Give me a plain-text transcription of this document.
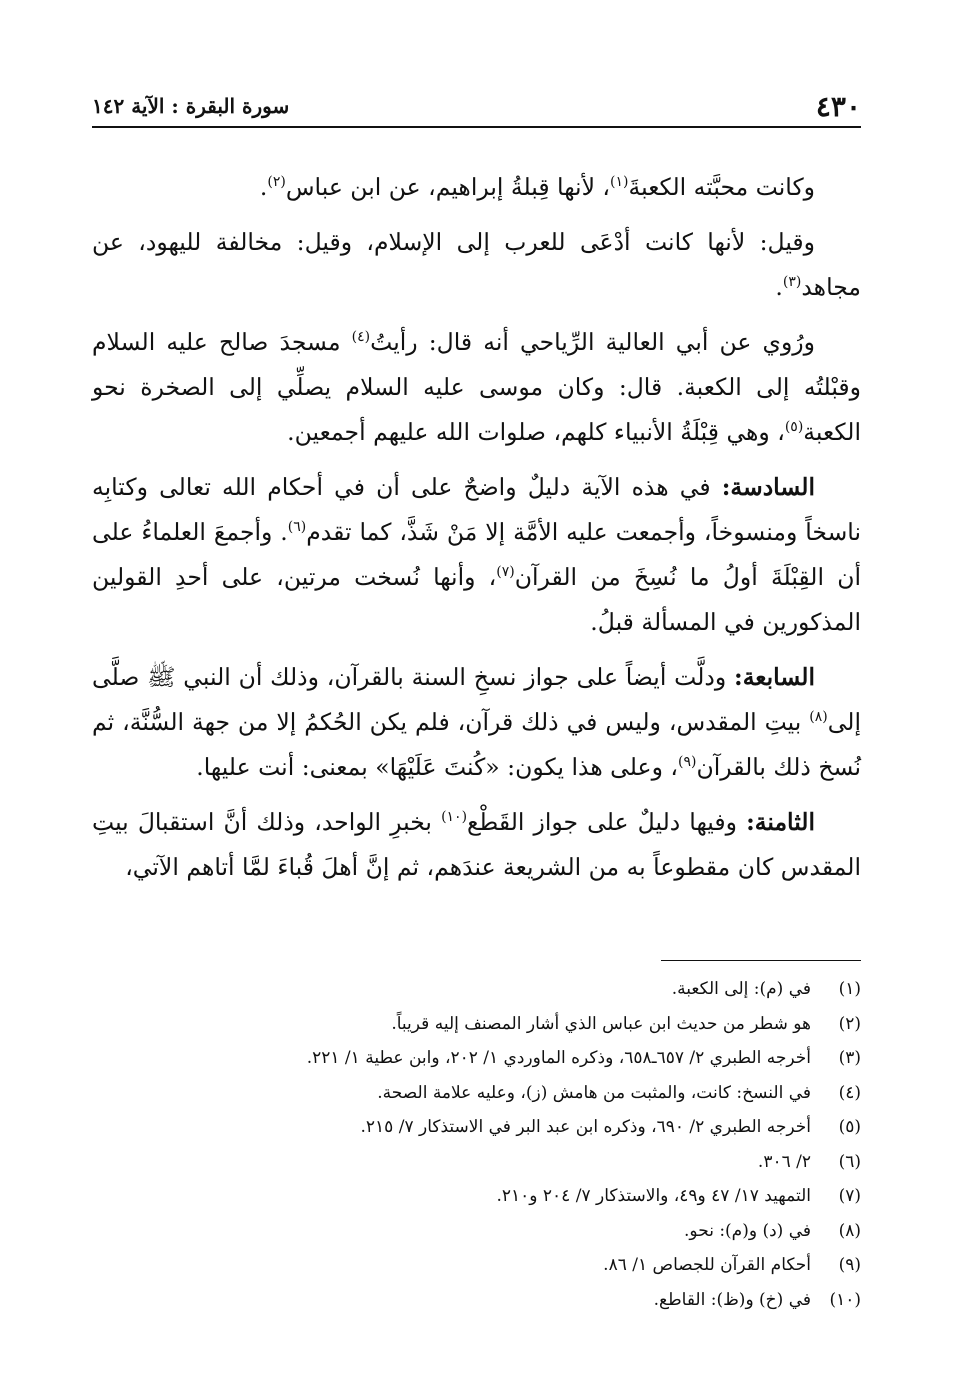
٤٣٠
سورة البقرة : الآية ١٤٢

وكانت محبَّته الكعبةَ$^{(١)}$، لأنها قِبلةُ إبراهيم، عن ابن عباس$^{(٢)}$.

وقيل: لأنها كانت أدْعَى للعرب إلى الإسلام، وقيل: مخالفة لليهود، عن مجاهد$^{(٣)}$.

ورُوي عن أبي العالية الرِّياحي أنه قال: رأيتُ$^{(٤)}$ مسجدَ صالح عليه السلام وقبْلتُه إلى الكعبة. قال: وكان موسى عليه السلام يصلِّي إلى الصخرة نحو الكعبة$^{(٥)}$، وهي قِبْلَةُ الأنبياء كلهم، صلوات الله عليهم أجمعين.

السادسة: في هذه الآية دليلٌ واضحٌ على أن في أحكام الله تعالى وكتابِه ناسخاً ومنسوخاً، وأجمعت عليه الأمَّة إلا مَنْ شَذَّ، كما تقدم$^{(٦)}$. وأجمعَ العلماءُ على أن القِبْلَةَ أولُ ما نُسِخَ من القرآن$^{(٧)}$، وأنها نُسخت مرتين، على أحدِ القولين المذكورين في المسألة قبلُ.

السابعة: ودلَّت أيضاً على جواز نسخِ السنة بالقرآن، وذلك أن النبي ﷺ صلَّى إلى$^{(٨)}$ بيتِ المقدس، وليس في ذلك قرآن، فلم يكن الحُكمُ إلا من جهة السُّنَّة، ثم نُسخ ذلك بالقرآن$^{(٩)}$، وعلى هذا يكون: «كُنتَ عَلَيْهَا» بمعنى: أنت عليها.

الثامنة: وفيها دليلٌ على جواز القَطْع$^{(١٠)}$ بخبرِ الواحد، وذلك أنَّ استقبالَ بيتِ المقدس كان مقطوعاً به من الشريعة عندَهم، ثم إنَّ أهلَ قُباءَ لمَّا أتاهم الآتي،

(١)
في (م): إلى الكعبة.
(٢)
هو شطر من حديث ابن عباس الذي أشار المصنف إليه قريباً.
(٣)
أخرجه الطبري ٢/ ٦٥٧ـ٦٥٨، وذكره الماوردي ١/ ٢٠٢، وابن عطية ١/ ٢٢١.
(٤)
في النسخ: كانت، والمثبت من هامش (ز)، وعليه علامة الصحة.
(٥)
أخرجه الطبري ٢/ ٦٩٠، وذكره ابن عبد البر في الاستذكار ٧/ ٢١٥.
(٦)
٢/ ٣٠٦.
(٧)
التمهيد ١٧/ ٤٧ و٤٩، والاستذكار ٧/ ٢٠٤ و٢١٠.
(٨)
في (د) و(م): نحو.
(٩)
أحكام القرآن للجصاص ١/ ٨٦.
(١٠)
في (خ) و(ظ): القاطع.
